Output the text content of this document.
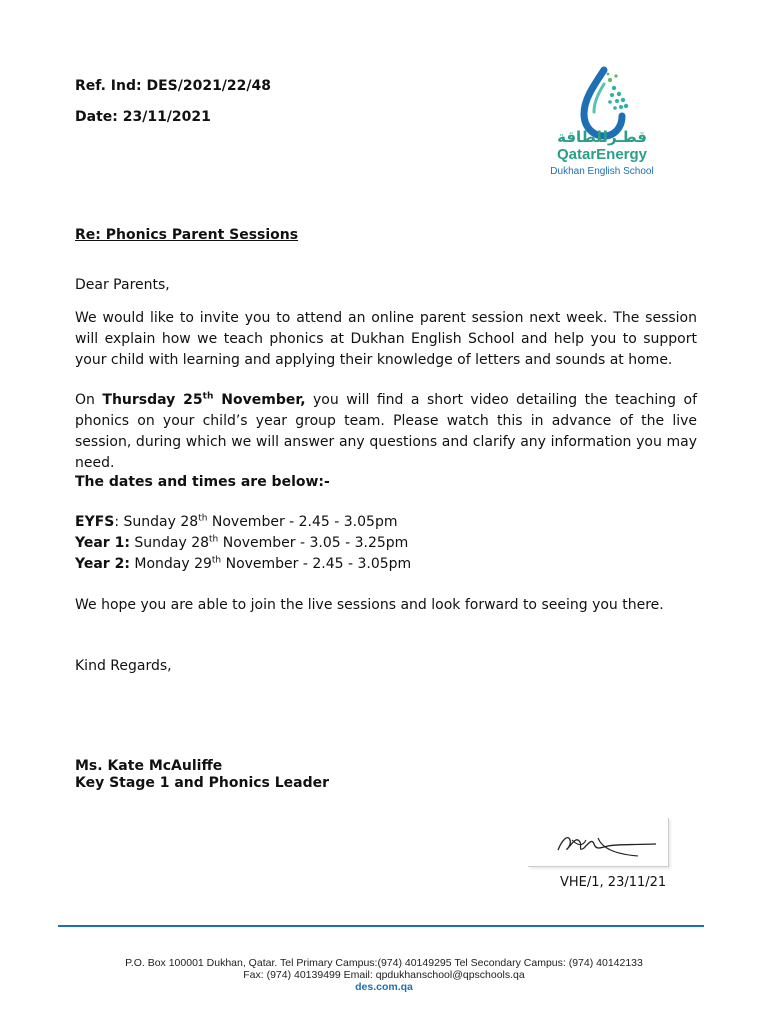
Ref. Ind: DES/2021/22/48
Date: 23/11/2021
قطـرللطاقة
QatarEnergy
Dukhan English School
Re: Phonics Parent Sessions
Dear Parents,
We would like to invite you to attend an online parent session next week. The session will explain how we teach phonics at Dukhan English School and help you to support your child with learning and applying their knowledge of letters and sounds at home.
On Thursday 25th November, you will find a short video detailing the teaching of phonics on your child’s year group team. Please watch this in advance of the live session, during which we will answer any questions and clarify any information you may need.
The dates and times are below:-
EYFS: Sunday 28th November - 2.45 - 3.05pm
Year 1: Sunday 28th November - 3.05 - 3.25pm
Year 2: Monday 29th November - 2.45 - 3.05pm
We hope you are able to join the live sessions and look forward to seeing you there.
Kind Regards,
Ms. Kate McAuliffe
Key Stage 1 and Phonics Leader
VHE/1, 23/11/21
P.O. Box 100001 Dukhan, Qatar. Tel Primary Campus:(974) 40149295 Tel Secondary Campus: (974) 40142133
Fax: (974) 40139499 Email: qpdukhanschool@qpschools.qa
des.com.qa
